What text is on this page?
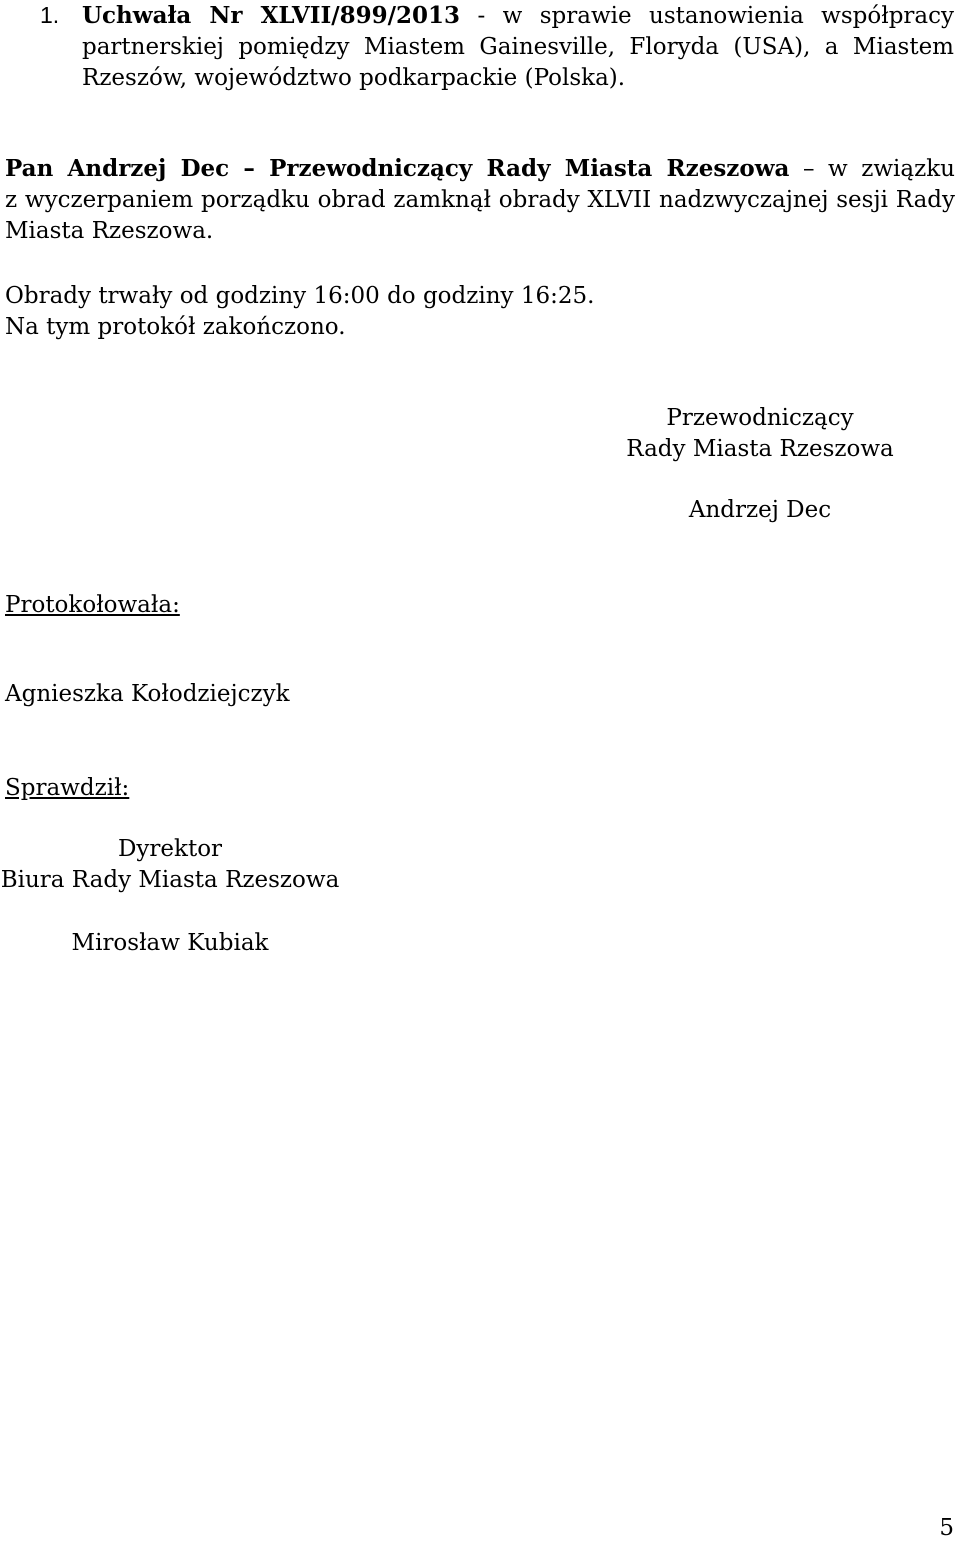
1. Uchwała Nr XLVII/899/2013 - w sprawie ustanowienia współpracy
partnerskiej pomiędzy Miastem Gainesville, Floryda (USA), a Miastem
Rzeszów, województwo podkarpackie (Polska).
Pan Andrzej Dec – Przewodniczący Rady Miasta Rzeszowa – w związku
z wyczerpaniem porządku obrad zamknął obrady XLVII nadzwyczajnej sesji Rady
Miasta Rzeszowa.
Obrady trwały od godziny 16:00 do godziny 16:25.
Na tym protokół zakończono.
Przewodniczący
Rady Miasta Rzeszowa
Andrzej Dec
Protokołowała:
Agnieszka Kołodziejczyk
Sprawdził:
Dyrektor
Biura Rady Miasta Rzeszowa
Mirosław Kubiak
5
